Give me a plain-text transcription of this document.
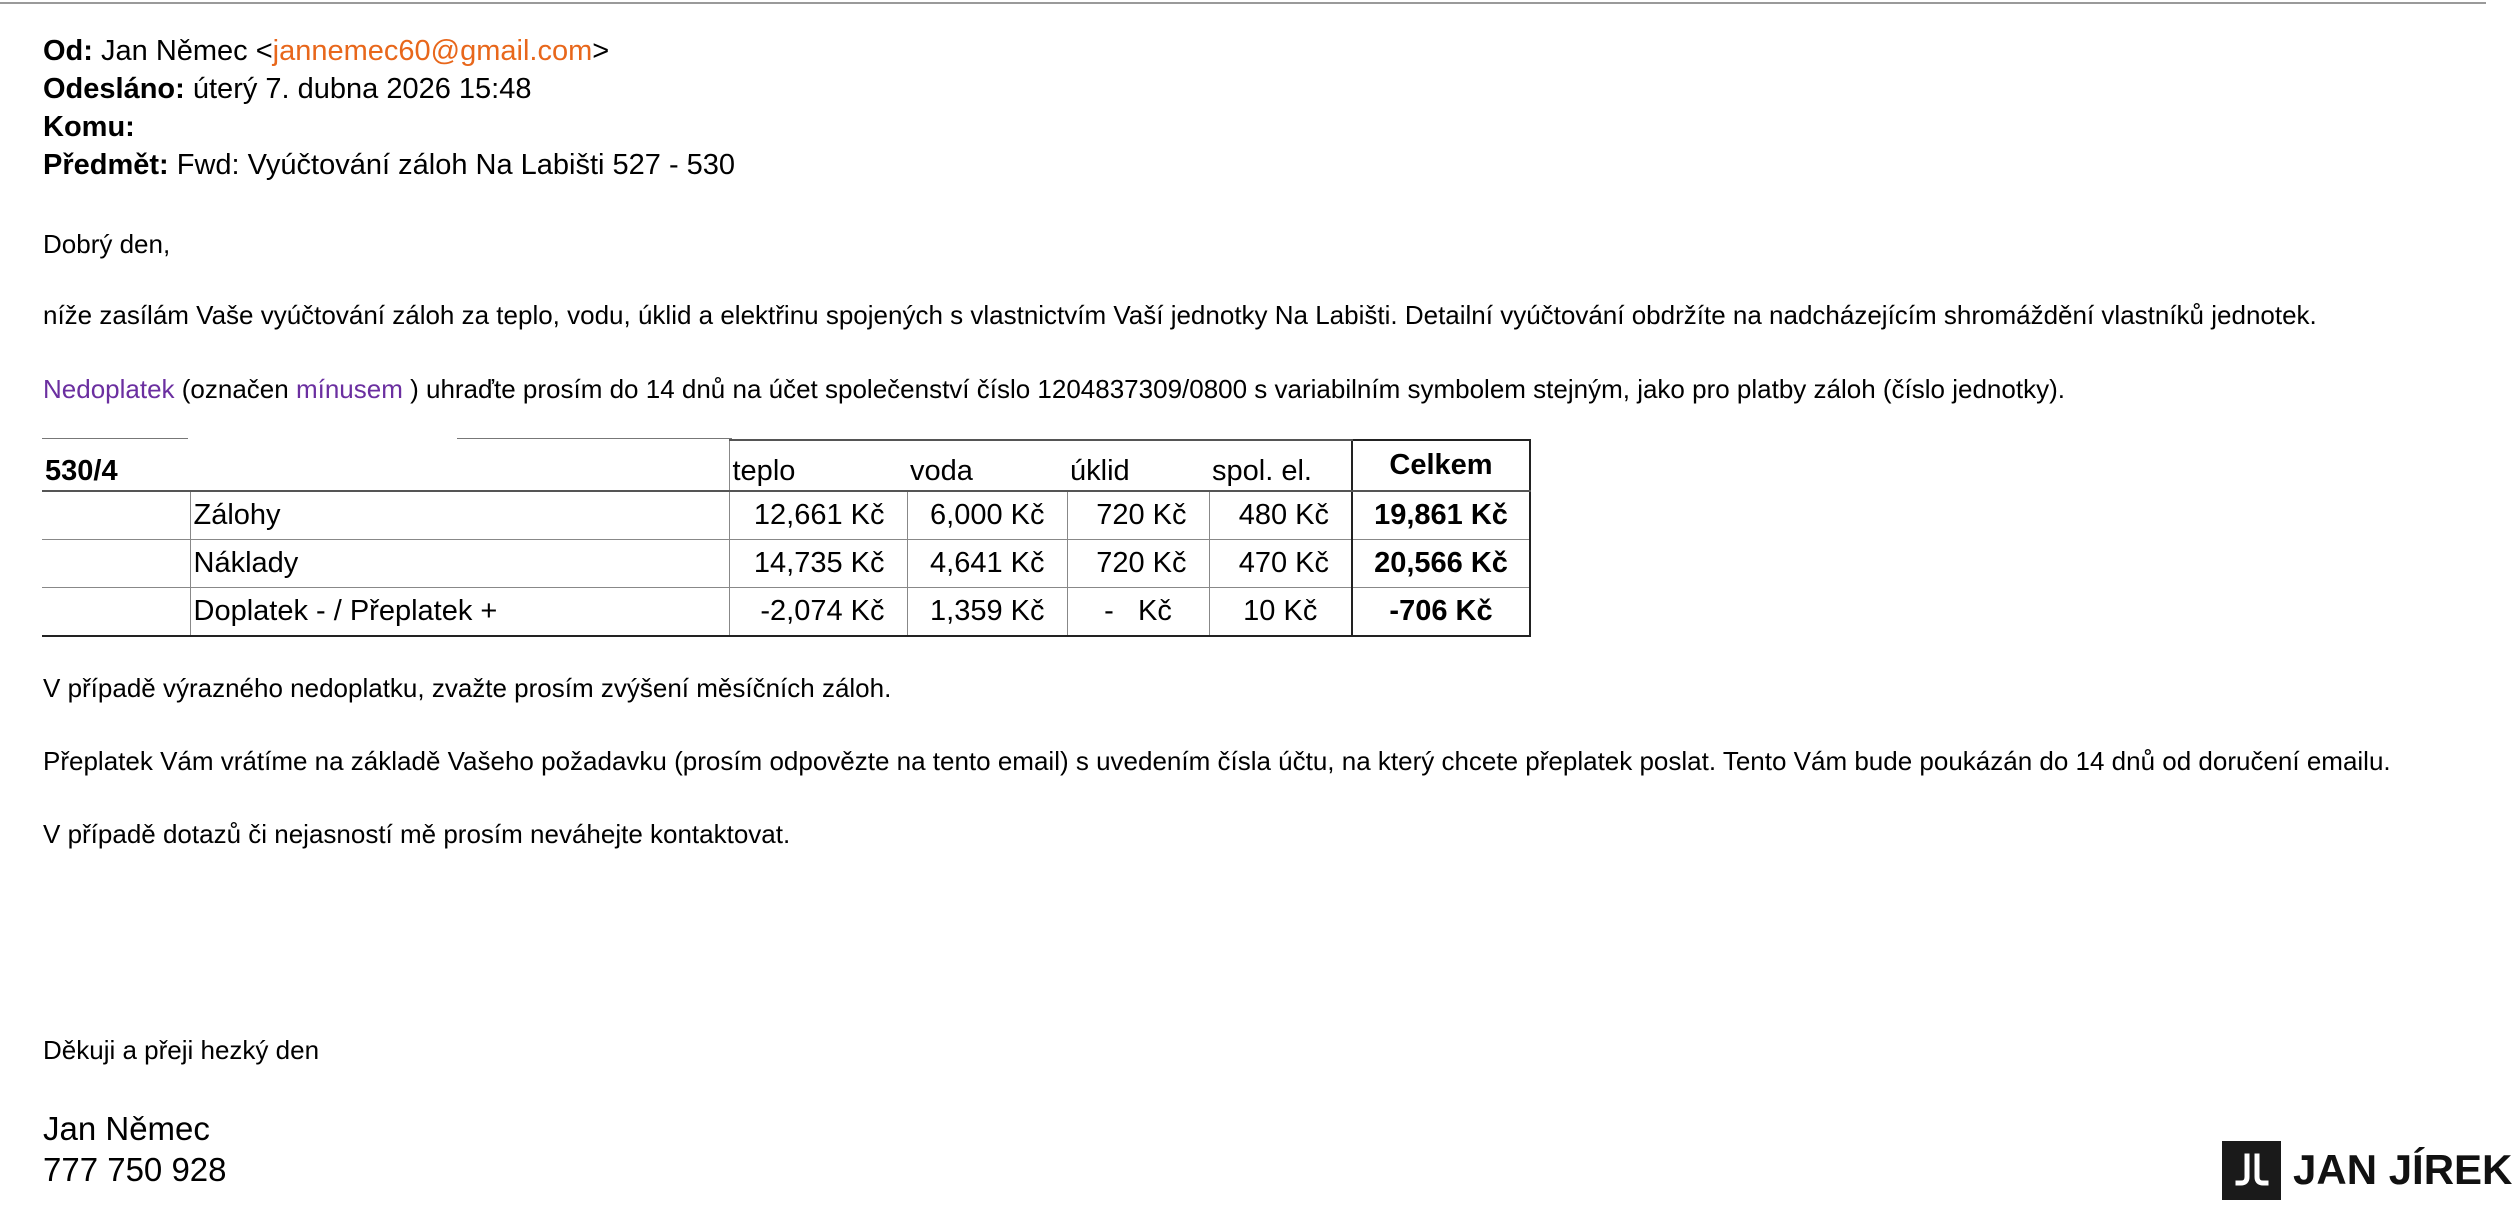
Od: Jan Němec <jannemec60@gmail.com>
Odesláno: úterý 7. dubna 2026 15:48
Komu:
Předmět: Fwd: Vyúčtování záloh Na Labišti 527 - 530
Dobrý den,
níže zasílám Vaše vyúčtování záloh za teplo, vodu, úklid a elektřinu spojených s vlastnictvím Vaší jednotky Na Labišti. Detailní vyúčtování obdržíte na nadcházejícím shromáždění vlastníků jednotek.
Nedoplatek (označen mínusem ) uhraďte prosím do 14 dnů na účet společenství číslo 1204837309/0800 s variabilním symbolem stejným, jako pro platby záloh (číslo jednotky).
530/4		teplo	voda	úklid	spol. el.	Celkem
	Zálohy	12,661 Kč	6,000 Kč	720 Kč	480 Kč	19,861 Kč
	Náklady	14,735 Kč	4,641 Kč	720 Kč	470 Kč	20,566 Kč
	Doplatek - / Přeplatek +	-2,074 Kč	1,359 Kč	-   Kč	10 Kč	-706 Kč
V případě výrazného nedoplatku, zvažte prosím zvýšení měsíčních záloh.
Přeplatek Vám vrátíme na základě Vašeho požadavku (prosím odpovězte na tento email) s uvedením čísla účtu, na který chcete přeplatek poslat. Tento Vám bude poukázán do 14 dnů od doručení emailu.
V případě dotazů či nejasností mě prosím neváhejte kontaktovat.
Děkuji a přeji hezký den
Jan Němec
777 750 928	JAN JÍREK
